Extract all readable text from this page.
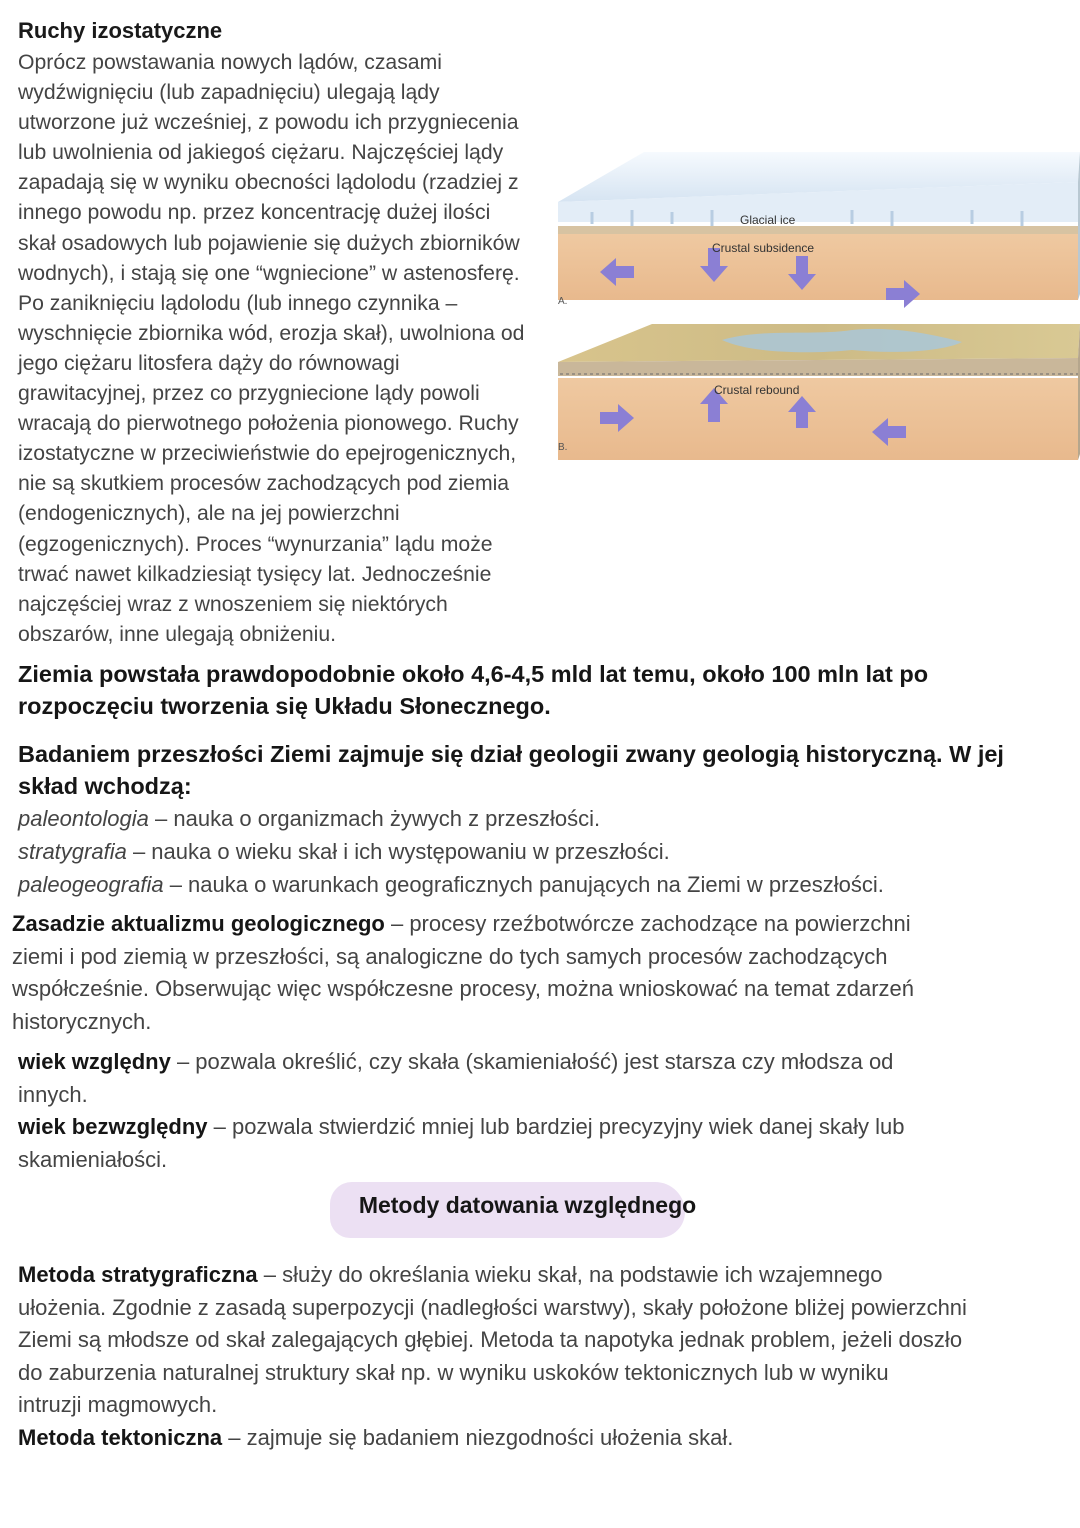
Ruchy izostatyczne

Oprócz powstawania nowych lądów, czasami
wydźwignięciu (lub zapadnięciu) ulegają lądy
utworzone już wcześniej, z powodu ich przygniecenia
lub uwolnienia od jakiegoś ciężaru. Najczęściej lądy
zapadają się w wyniku obecności lądolodu (rzadziej z
innego powodu np. przez koncentrację dużej ilości
skał osadowych lub pojawienie się dużych zbiorników
wodnych), i stają się one “wgniecione” w astenosferę.
Po zaniknięciu lądolodu (lub innego czynnika –
wyschnięcie zbiornika wód, erozja skał), uwolniona od
jego ciężaru litosfera dąży do równowagi
grawitacyjnej, przez co przygniecione lądy powoli
wracają do pierwotnego położenia pionowego. Ruchy
izostatyczne w przeciwieństwie do epejrogenicznych,
nie są skutkiem procesów zachodzących pod ziemia
(endogenicznych), ale na jej powierzchni
(egzogenicznych). Proces “wynurzania” lądu może
trwać nawet kilkadziesiąt tysięcy lat. Jednocześnie
najczęściej wraz z wnoszeniem się niektórych
obszarów, inne ulegają obniżeniu.

Glacial ice
Crustal subsidence
A.
Crustal rebound
B.

Ziemia powstała prawdopodobnie około 4,6-4,5 mld lat temu, około 100 mln lat po rozpoczęciu tworzenia się Układu Słonecznego.

Badaniem przeszłości Ziemi zajmuje się dział geologii zwany geologią historyczną. W jej skład wchodzą:

paleontologia – nauka o organizmach żywych z przeszłości.
stratygrafia – nauka o wieku skał i ich występowaniu w przeszłości.
paleogeografia – nauka o warunkach geograficznych panujących na Ziemi w przeszłości.

Zasadzie aktualizmu geologicznego – procesy rzeźbotwórcze zachodzące na powierzchni
ziemi i pod ziemią w przeszłości, są analogiczne do tych samych procesów zachodzących
współcześnie. Obserwując więc współczesne procesy, można wnioskować na temat zdarzeń
historycznych.

wiek względny – pozwala określić, czy skała (skamieniałość) jest starsza czy młodsza od
innych.
wiek bezwzględny – pozwala stwierdzić mniej lub bardziej precyzyjny wiek danej skały lub
skamieniałości.

Metody datowania względnego

Metoda stratygraficzna – służy do określania wieku skał, na podstawie ich wzajemnego
ułożenia. Zgodnie z zasadą superpozycji (nadległości warstwy), skały położone bliżej powierzchni
Ziemi są młodsze od skał zalegających głębiej. Metoda ta napotyka jednak problem, jeżeli doszło
do zaburzenia naturalnej struktury skał np. w wyniku uskoków tektonicznych lub w wyniku
intruzji magmowych.
Metoda tektoniczna – zajmuje się badaniem niezgodności ułożenia skał.
